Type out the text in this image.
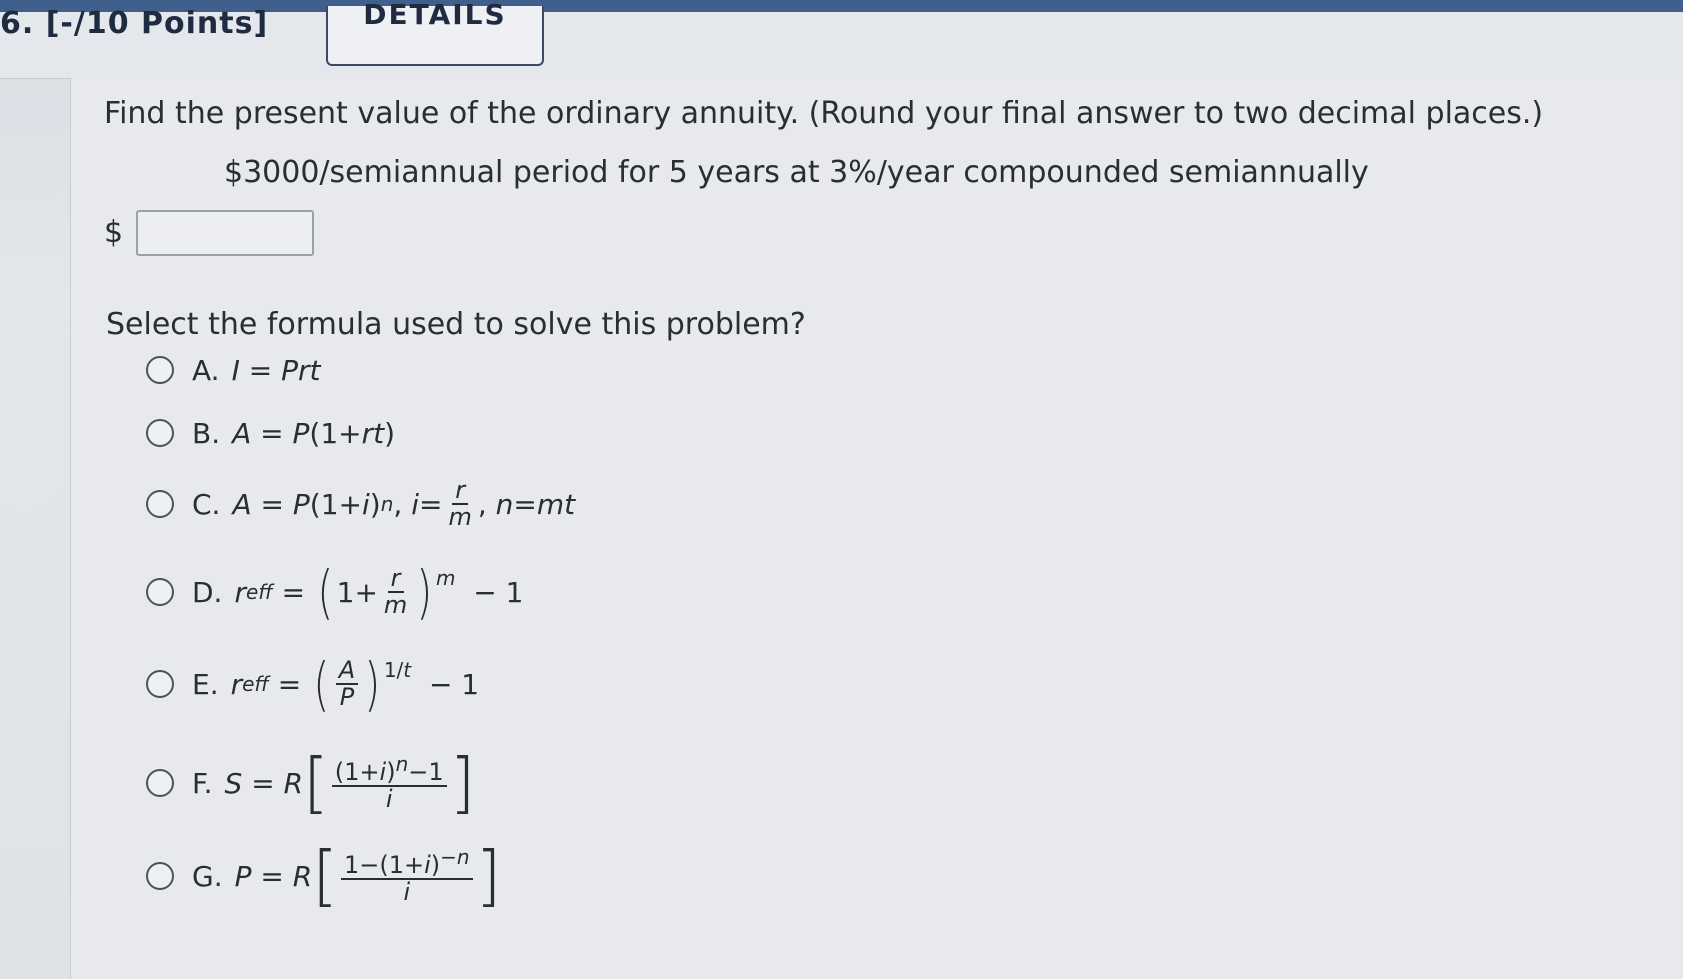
6. [-/10 Points]	DETAILS
Find the present value of the ordinary annuity. (Round your final answer to two decimal places.)
$3000/semiannual period for 5 years at 3%/year compounded semiannually
$
Select the formula used to solve this problem?
A. I = Prt
B. A = P (1+ rt )
C. A = P (1+ i ) n , $i = \frac{r}{m}$ , n = mt
D. r eff = ( $1+ \frac{r}{m} )^m - 1$
E. r eff = ( $\frac{A}{P} )^{1/t} - 1$
F. S = R [ $\frac{(1+i)^n-1}{i}$ ]
G. P = R [ $\frac{1-(1+i)^{-n}}{i}$ ]
